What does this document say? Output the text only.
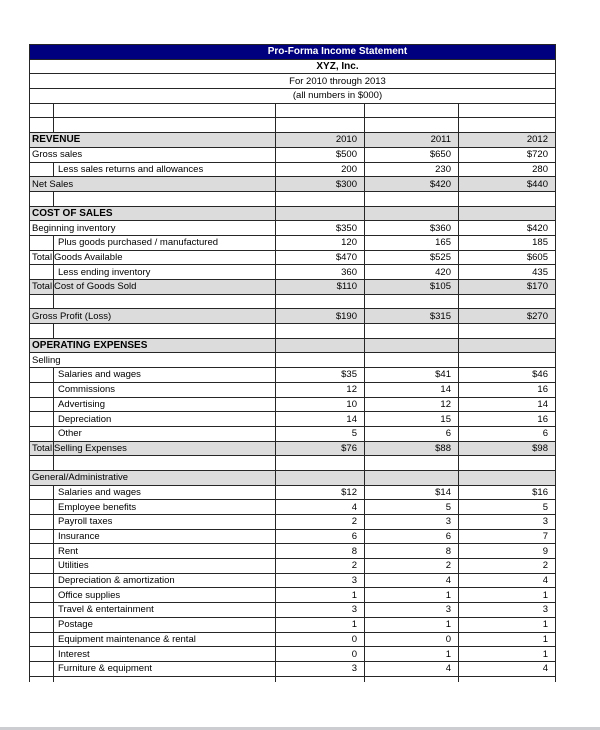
Pro-Forma Income Statement
XYZ, Inc.
For 2010 through 2013
(all numbers in $000)
REVENUE	2010	2011	2012
Gross sales	$500	$650	$720
Less sales returns and allowances	200	230	280
Net Sales	$300	$420	$440
COST OF SALES
Beginning inventory	$350	$360	$420
Plus goods purchased / manufactured	120	165	185
Total Goods Available	$470	$525	$605
Less ending inventory	360	420	435
Total Cost of Goods Sold	$110	$105	$170
Gross Profit (Loss)	$190	$315	$270
OPERATING EXPENSES
Selling
Salaries and wages	$35	$41	$46
Commissions	12	14	16
Advertising	10	12	14
Depreciation	14	15	16
Other	5	6	6
Total Selling Expenses	$76	$88	$98
General/Administrative
Salaries and wages	$12	$14	$16
Employee benefits	4	5	5
Payroll taxes	2	3	3
Insurance	6	6	7
Rent	8	8	9
Utilities	2	2	2
Depreciation & amortization	3	4	4
Office supplies	1	1	1
Travel & entertainment	3	3	3
Postage	1	1	1
Equipment maintenance & rental	0	0	1
Interest	0	1	1
Furniture & equipment	3	4	4
